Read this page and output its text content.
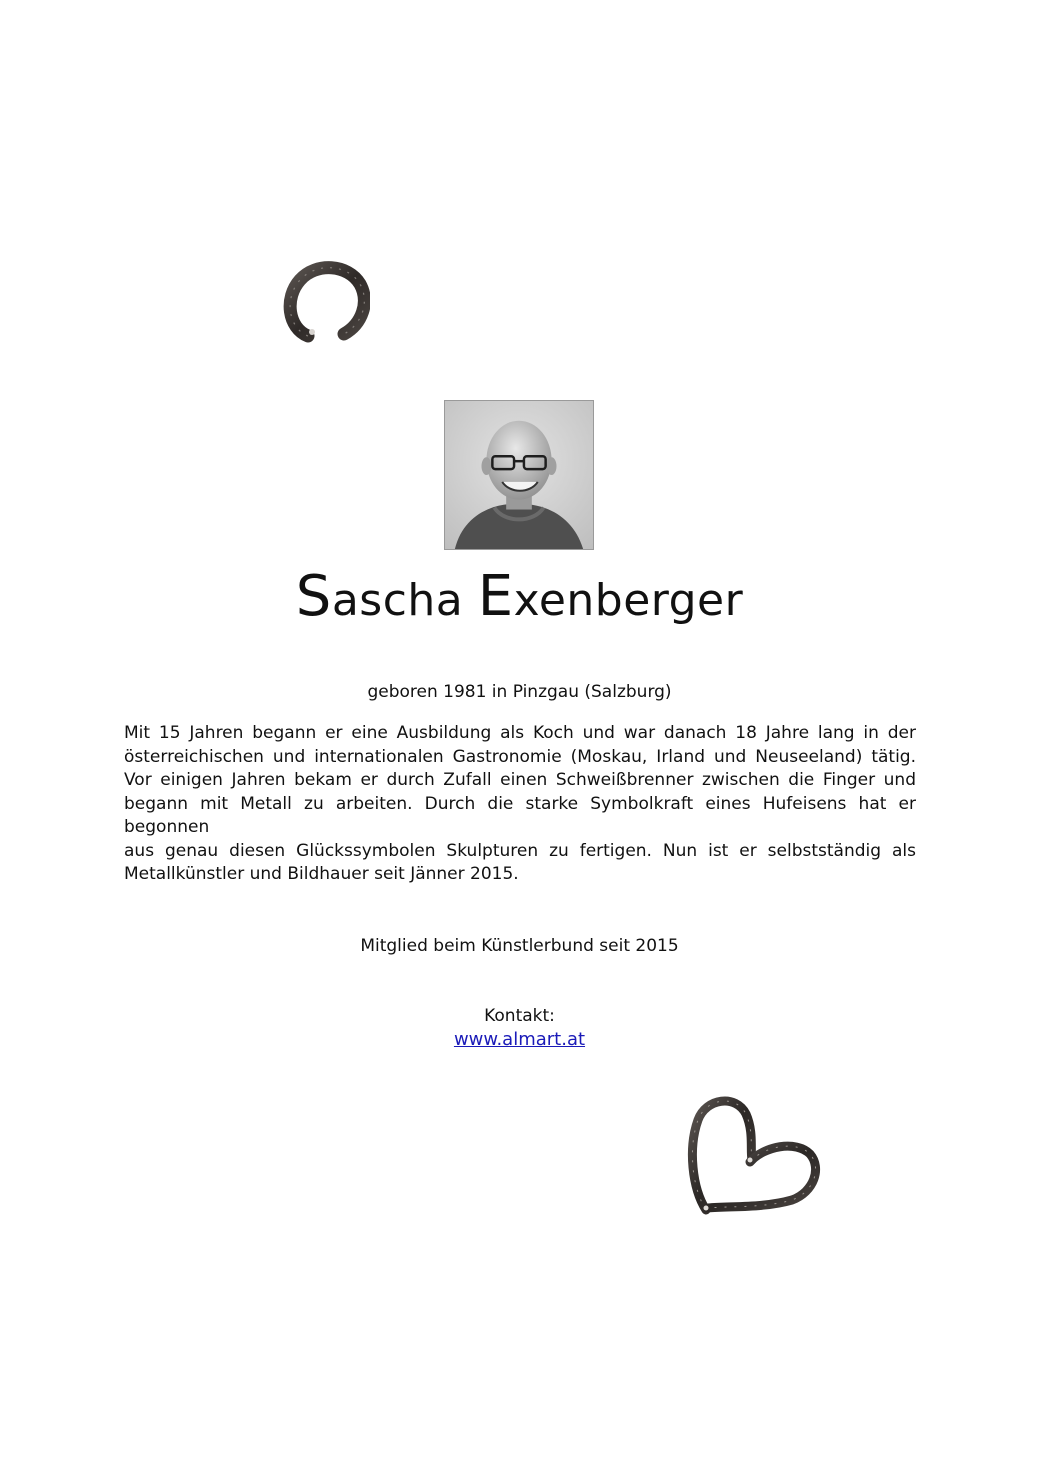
Sascha Exenberger
geboren 1981 in Pinzgau (Salzburg)
Mit 15 Jahren begann er eine Ausbildung als Koch und war danach 18 Jahre lang in der
österreichischen und internationalen Gastronomie (Moskau, Irland und Neuseeland) tätig.
Vor einigen Jahren bekam er durch Zufall einen Schweißbrenner zwischen die Finger und
begann mit Metall zu arbeiten. Durch die starke Symbolkraft eines Hufeisens hat er begonnen
aus genau diesen Glückssymbolen Skulpturen zu fertigen. Nun ist er selbstständig als
Metallkünstler und Bildhauer seit Jänner 2015.
Mitglied beim Künstlerbund seit 2015
Kontakt:
www.almart.at
